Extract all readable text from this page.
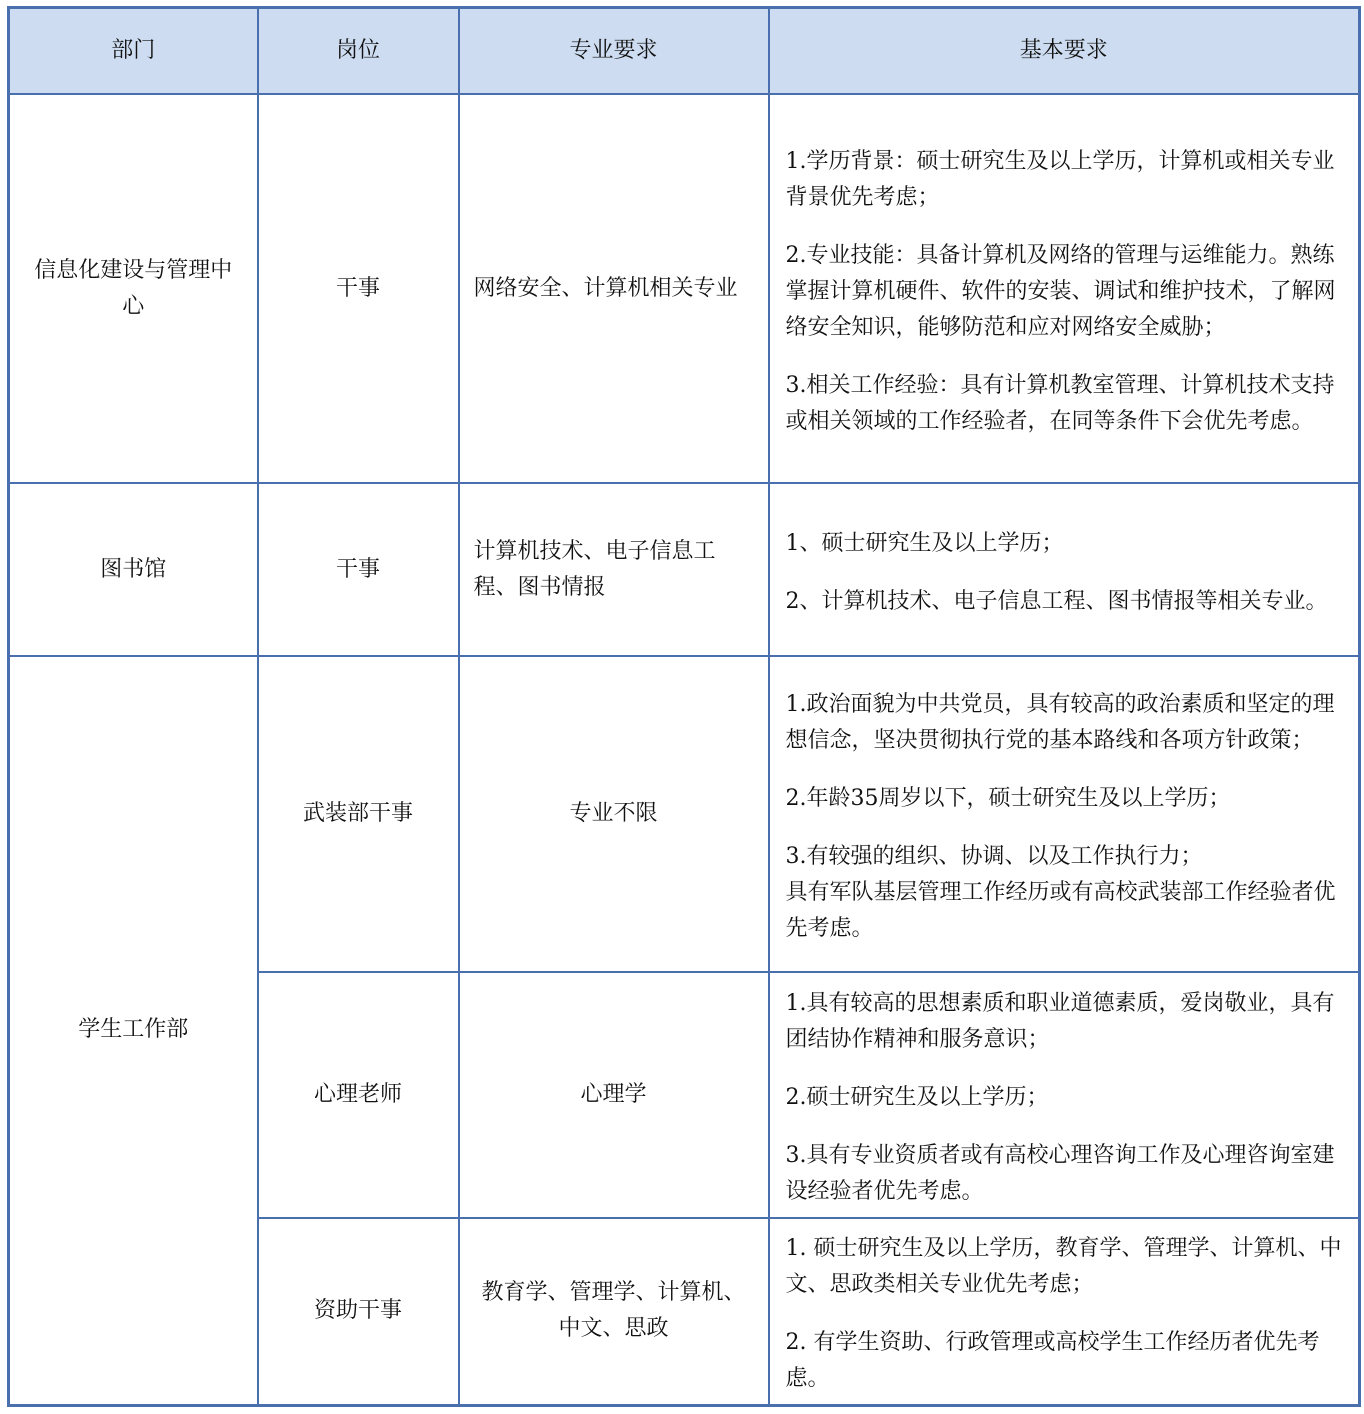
部门	岗位	专业要求	基本要求
信息化建设与管理中心	干事	网络安全、计算机相关专业	1.学历背景：硕士研究生及以上学历，计算机或相关专业背景优先考虑；

2.专业技能：具备计算机及网络的管理与运维能力。熟练掌握计算机硬件、软件的安装、调试和维护技术，了解网络安全知识，能够防范和应对网络安全威胁；

3.相关工作经验：具有计算机教室管理、计算机技术支持或相关领域的工作经验者，在同等条件下会优先考虑。

图书馆	干事	计算机技术、电子信息工程、图书情报	1、硕士研究生及以上学历；

2、计算机技术、电子信息工程、图书情报等相关专业。

学生工作部	武装部干事	专业不限	1.政治面貌为中共党员，具有较高的政治素质和坚定的理想信念，坚决贯彻执行党的基本路线和各项方针政策；

2.年龄35周岁以下，硕士研究生及以上学历；

3.有较强的组织、协调、以及工作执行力；

具有军队基层管理工作经历或有高校武装部工作经验者优先考虑。

	心理老师	心理学	1.具有较高的思想素质和职业道德素质，爱岗敬业，具有团结协作精神和服务意识；

2.硕士研究生及以上学历；

3.具有专业资质者或有高校心理咨询工作及心理咨询室建设经验者优先考虑。

	资助干事	教育学、管理学、计算机、中文、思政	1. 硕士研究生及以上学历，教育学、管理学、计算机、中文、思政类相关专业优先考虑；

2. 有学生资助、行政管理或高校学生工作经历者优先考虑。
